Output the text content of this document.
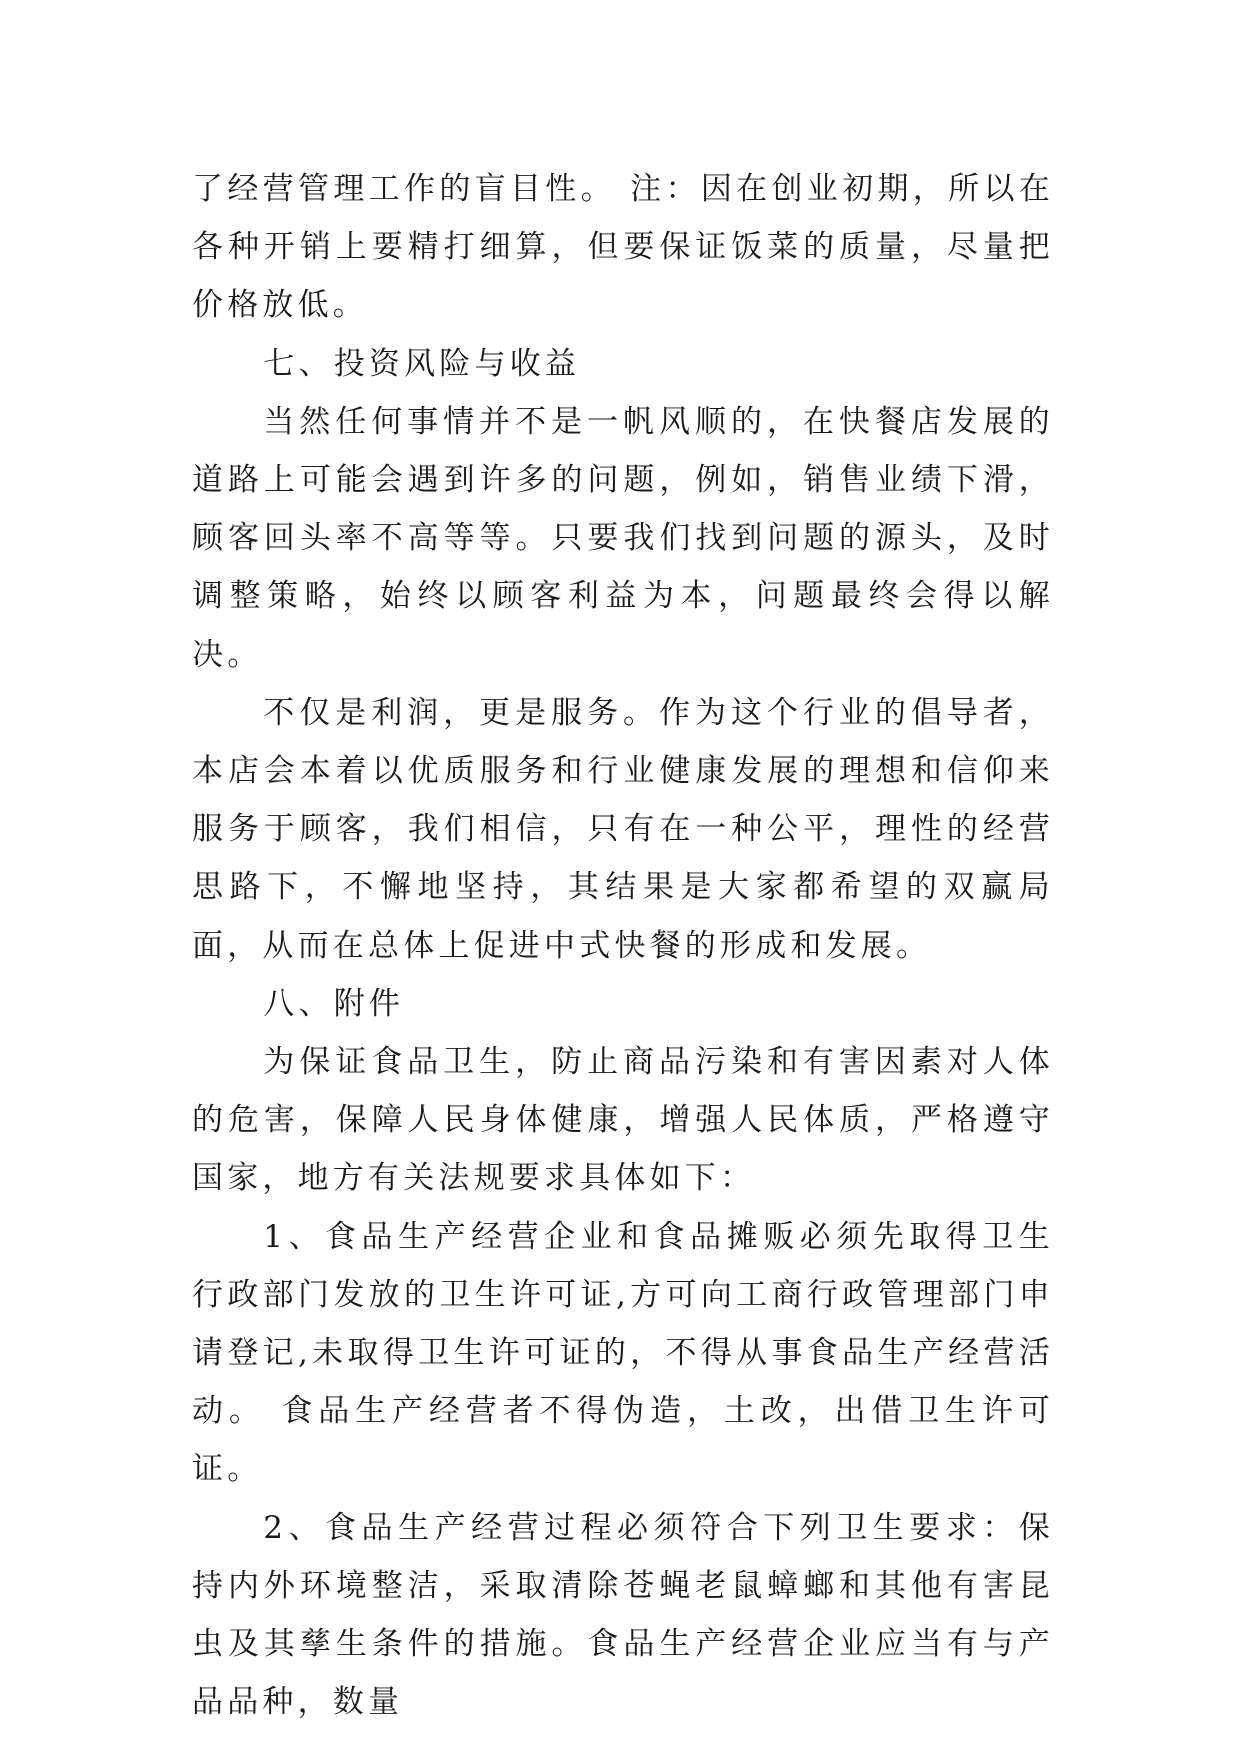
了经营管理工作的盲目性。 注：因在创业初期，所以在各种开销上要精打细算，但要保证饭菜的质量，尽量把价格放低。

七、投资风险与收益

当然任何事情并不是一帆风顺的，在快餐店发展的道路上可能会遇到许多的问题，例如，销售业绩下滑，顾客回头率不高等等。只要我们找到问题的源头，及时调整策略，始终以顾客利益为本，问题最终会得以解决。

不仅是利润，更是服务。作为这个行业的倡导者，本店会本着以优质服务和行业健康发展的理想和信仰来服务于顾客，我们相信，只有在一种公平，理性的经营思路下，不懈地坚持，其结果是大家都希望的双赢局面，从而在总体上促进中式快餐的形成和发展。

八、附件

为保证食品卫生，防止商品污染和有害因素对人体的危害，保障人民身体健康，增强人民体质，严格遵守国家，地方有关法规要求具体如下：

1、食品生产经营企业和食品摊贩必须先取得卫生行政部门发放的卫生许可证,方可向工商行政管理部门申请登记,未取得卫生许可证的，不得从事食品生产经营活动。 食品生产经营者不得伪造，土改，出借卫生许可证。

2、食品生产经营过程必须符合下列卫生要求：保持内外环境整洁，采取清除苍蝇老鼠蟑螂和其他有害昆虫及其孳生条件的措施。食品生产经营企业应当有与产品品种，数量
